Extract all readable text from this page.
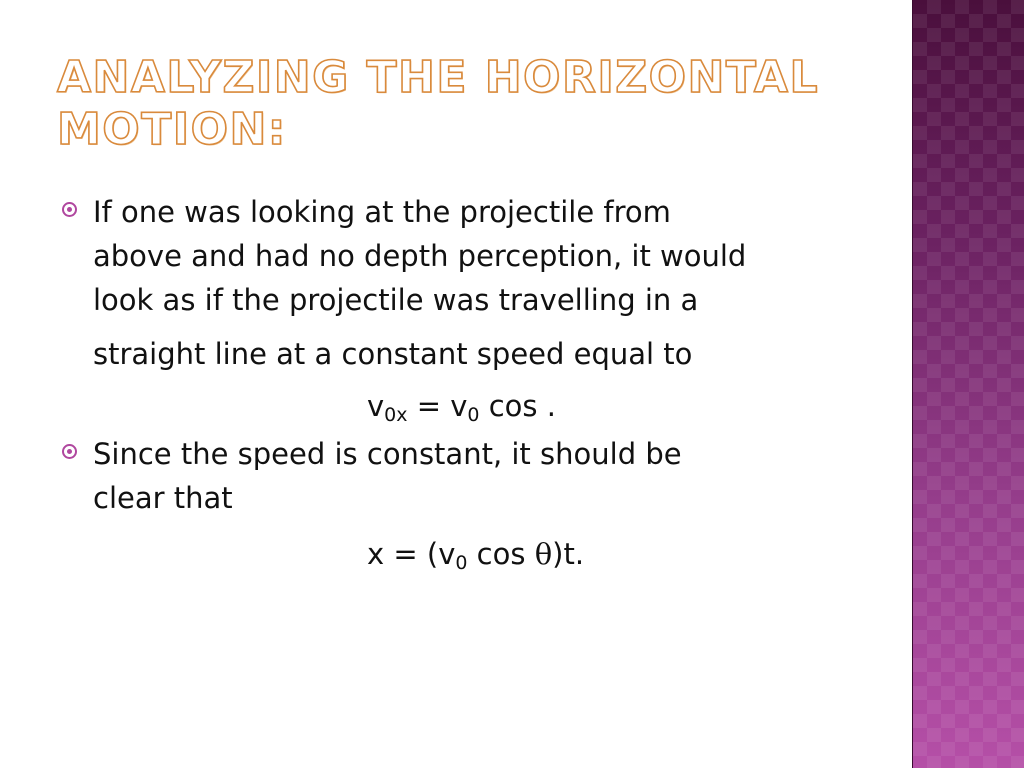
ANALYZING THE HORIZONTAL MOTION:
If one was looking at the projectile from
above and had no depth perception, it would
look as if the projectile was travelling in a
straight line at a constant speed equal to
$v_{0x} = v_0$ cos .
Since the speed is constant, it should be
clear that
$x = (v_0$ cos θ)t.
